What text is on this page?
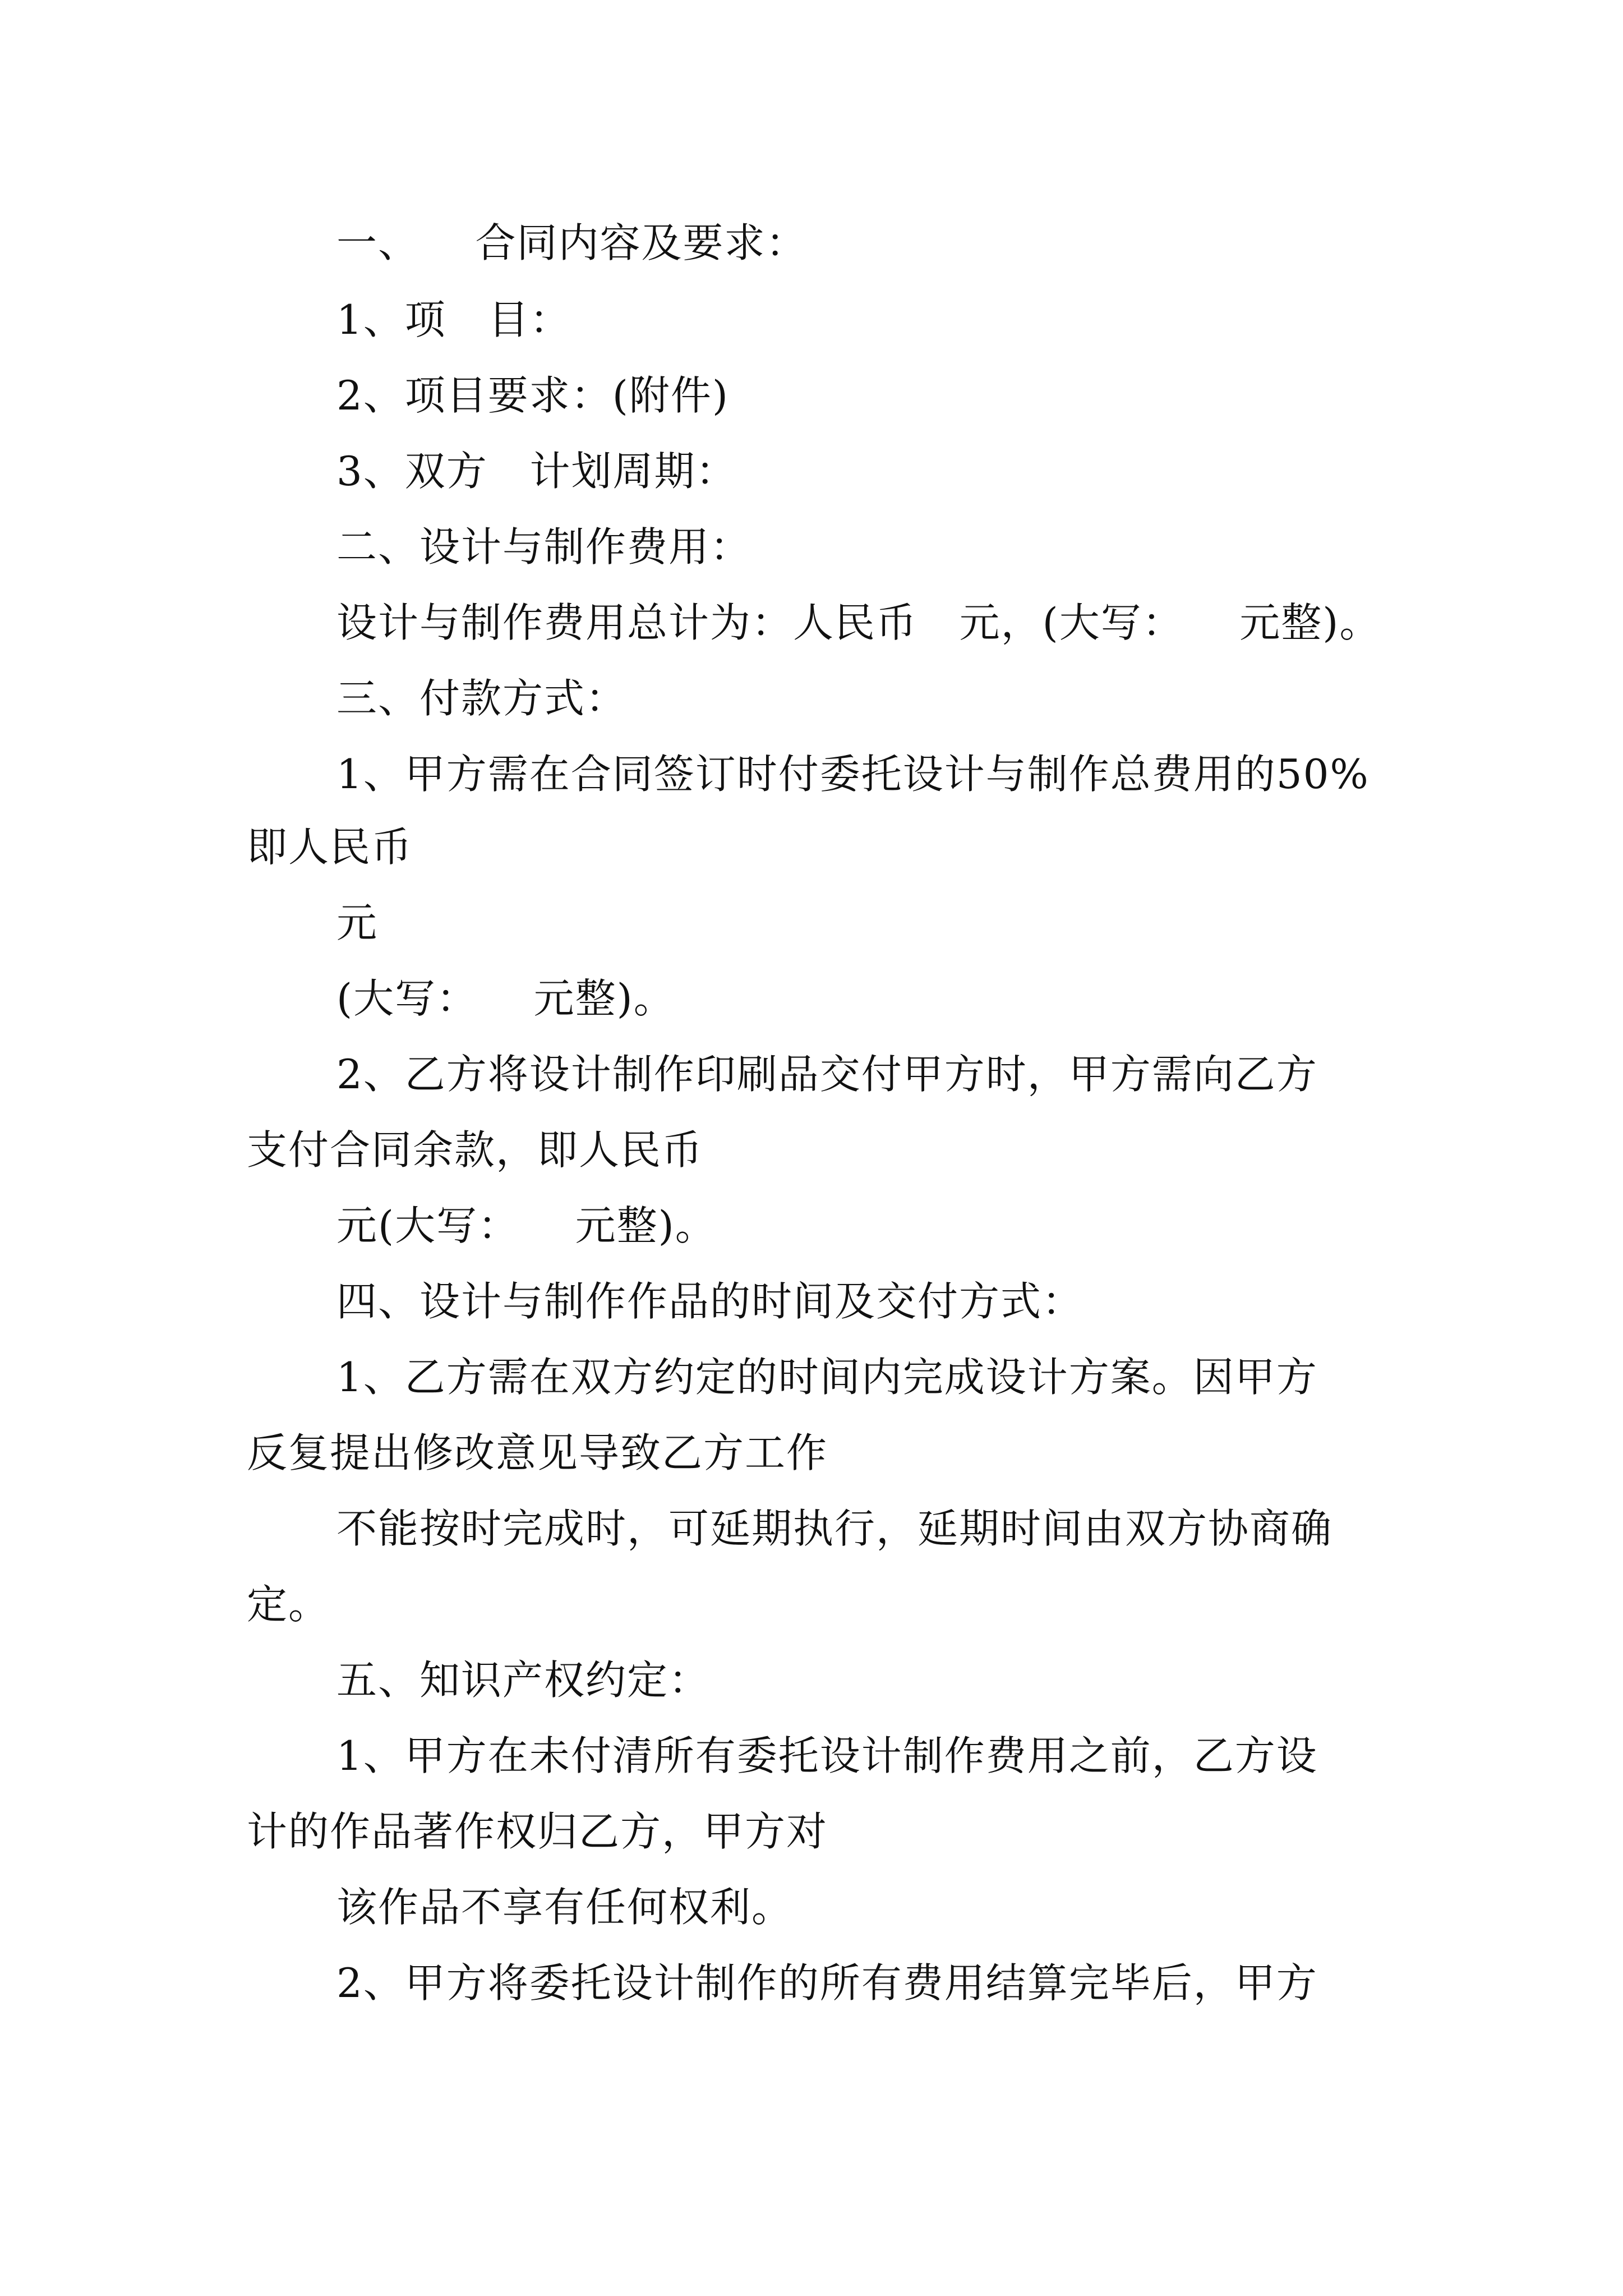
一、    合同内容及要求：
1、项   目：
2、项目要求：(附件)
3、双方   计划周期：
二、设计与制作费用：
设计与制作费用总计为：人民币   元，(大写：    元整)。
三、付款方式：
1、甲方需在合同签订时付委托设计与制作总费用的50%
即人民币
元
(大写：    元整)。
2、乙方将设计制作印刷品交付甲方时，甲方需向乙方
支付合同余款，即人民币
元(大写：    元整)。
四、设计与制作作品的时间及交付方式：
1、乙方需在双方约定的时间内完成设计方案。因甲方
反复提出修改意见导致乙方工作
不能按时完成时，可延期执行，延期时间由双方协商确
定。
五、知识产权约定：
1、甲方在未付清所有委托设计制作费用之前，乙方设
计的作品著作权归乙方，甲方对
该作品不享有任何权利。
2、甲方将委托设计制作的所有费用结算完毕后，甲方
